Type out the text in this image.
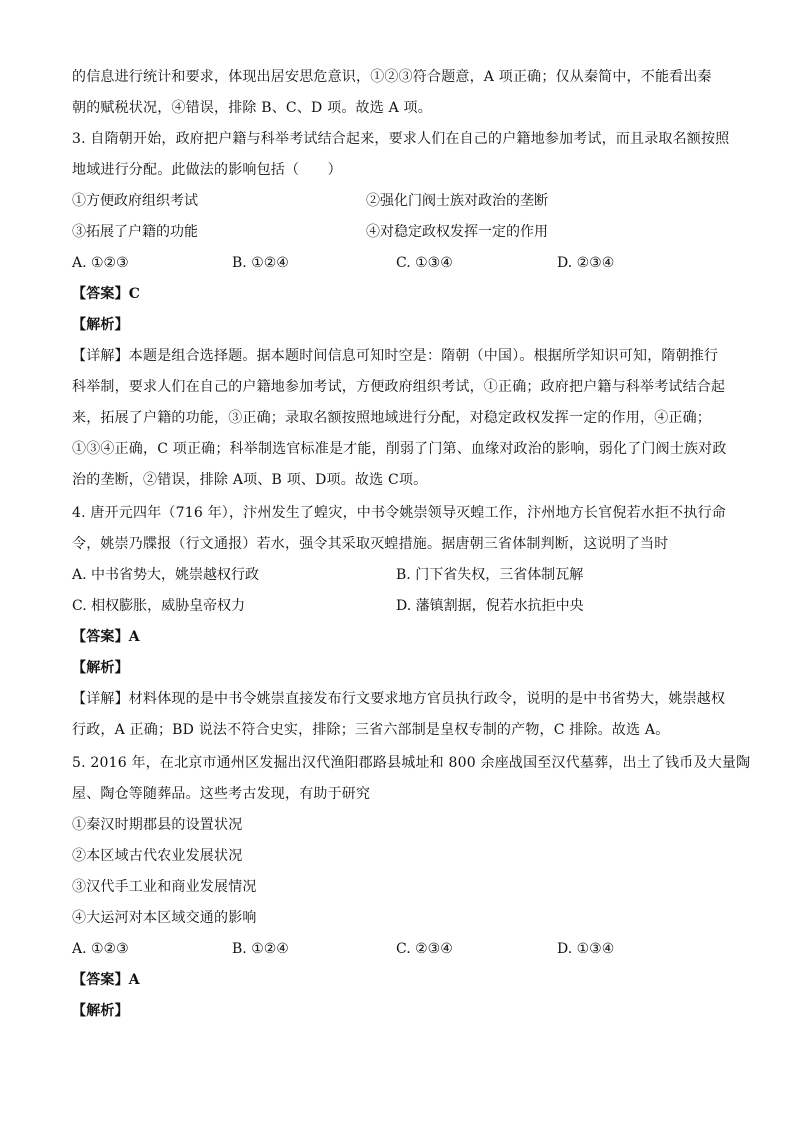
的信息进行统计和要求，体现出居安思危意识，①②③符合题意，A 项正确；仅从秦简中，不能看出秦
朝的赋税状况，④错误，排除 B、C、D 项。故选 A 项。
3. 自隋朝开始，政府把户籍与科举考试结合起来，要求人们在自己的户籍地参加考试，而且录取名额按照
地域进行分配。此做法的影响包括（　　）
①方便政府组织考试	②强化门阀士族对政治的垄断
③拓展了户籍的功能	④对稳定政权发挥一定的作用
A. ①②③	B. ①②④	C. ①③④	D. ②③④
【答案】C
【解析】
【详解】本题是组合选择题。据本题时间信息可知时空是：隋朝（中国）。根据所学知识可知，隋朝推行
科举制，要求人们在自己的户籍地参加考试，方便政府组织考试，①正确；政府把户籍与科举考试结合起
来，拓展了户籍的功能，③正确；录取名额按照地域进行分配，对稳定政权发挥一定的作用，④正确；
①③④正确，C 项正确；科举制选官标准是才能，削弱了门第、血缘对政治的影响，弱化了门阀士族对政
治的垄断，②错误，排除 A项、B 项、D项。故选 C项。
4. 唐开元四年（716 年），汴州发生了蝗灾，中书令姚崇领导灭蝗工作，汴州地方长官倪若水拒不执行命
令，姚崇乃牒报（行文通报）若水，强令其采取灭蝗措施。据唐朝三省体制判断，这说明了当时
A. 中书省势大，姚崇越权行政	B. 门下省失权，三省体制瓦解
C. 相权膨胀，威胁皇帝权力	D. 藩镇割据，倪若水抗拒中央
【答案】A
【解析】
【详解】材料体现的是中书令姚崇直接发布行文要求地方官员执行政令，说明的是中书省势大，姚崇越权
行政，A 正确；BD 说法不符合史实，排除；三省六部制是皇权专制的产物，C 排除。故选 A。
5. 2016 年，在北京市通州区发掘出汉代渔阳郡路县城址和 800 余座战国至汉代墓葬，出土了钱币及大量陶
屋、陶仓等随葬品。这些考古发现，有助于研究
①秦汉时期郡县的设置状况
②本区域古代农业发展状况
③汉代手工业和商业发展情况
④大运河对本区域交通的影响
A. ①②③	B. ①②④	C. ②③④	D. ①③④
【答案】A
【解析】
